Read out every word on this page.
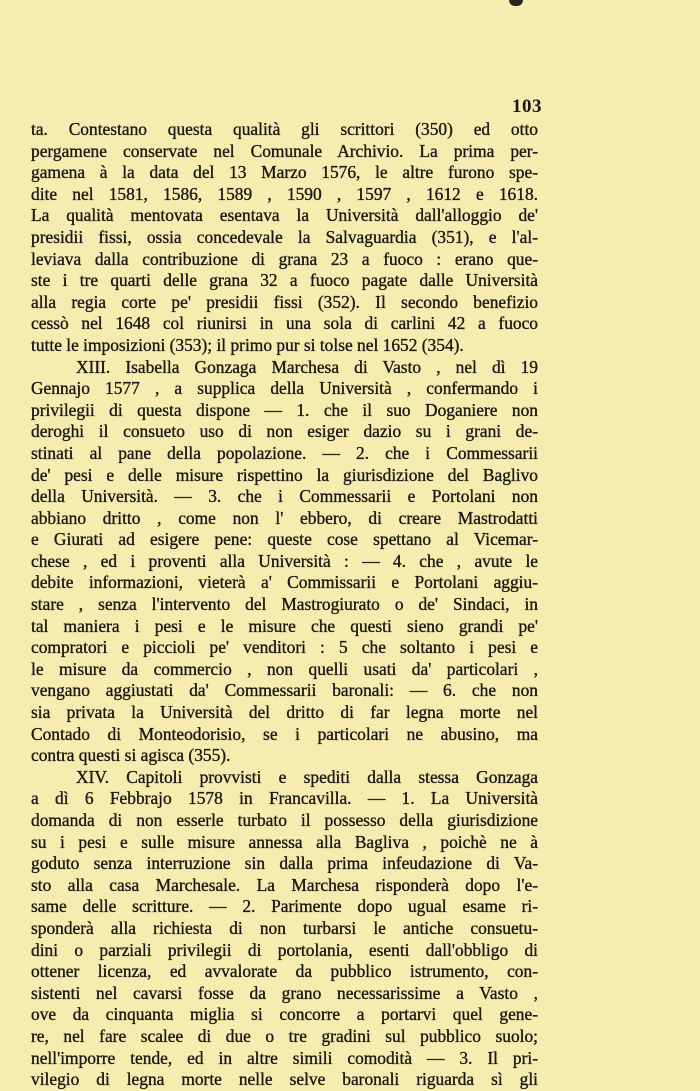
103
ta. Contestano questa qualità gli scrittori (350) ed otto
pergamene conservate nel Comunale Archivio. La prima per-
gamena à la data del 13 Marzo 1576, le altre furono spe-
dite nel 1581, 1586, 1589 , 1590 , 1597 , 1612 e 1618.
La qualità mentovata esentava la Università dall'alloggio de'
presidii fissi, ossia concedevale la Salvaguardia (351), e l'al-
leviava dalla contribuzione di grana 23 a fuoco : erano que-
ste i tre quarti delle grana 32 a fuoco pagate dalle Università
alla regia corte pe' presidii fissi (352). Il secondo benefizio
cessò nel 1648 col riunirsi in una sola di carlini 42 a fuoco
tutte le imposizioni (353); il primo pur si tolse nel 1652 (354).
XIII. Isabella Gonzaga Marchesa di Vasto , nel dì 19
Gennajo 1577 , a supplica della Università , confermando i
privilegii di questa dispone — 1. che il suo Doganiere non
deroghi il consueto uso di non esiger dazio su i grani de-
stinati al pane della popolazione. — 2. che i Commessarii
de' pesi e delle misure rispettino la giurisdizione del Baglivo
della Università. — 3. che i Commessarii e Portolani non
abbiano dritto , come non l' ebbero, di creare Mastrodatti
e Giurati ad esigere pene: queste cose spettano al Vicemar-
chese , ed i proventi alla Università : — 4. che , avute le
debite informazioni, vieterà a' Commissarii e Portolani aggiu-
stare , senza l'intervento del Mastrogiurato o de' Sindaci, in
tal maniera i pesi e le misure che questi sieno grandi pe'
compratori e piccioli pe' venditori : 5 che soltanto i pesi e
le misure da commercio , non quelli usati da' particolari ,
vengano aggiustati da' Commessarii baronali: — 6. che non
sia privata la Università del dritto di far legna morte nel
Contado di Monteodorisio, se i particolari ne abusino, ma
contra questi si agisca (355).
XIV. Capitoli provvisti e spediti dalla stessa Gonzaga
a dì 6 Febbrajo 1578 in Francavilla. — 1. La Università
domanda di non esserle turbato il possesso della giurisdizione
su i pesi e sulle misure annessa alla Bagliva , poichè ne à
goduto senza interruzione sin dalla prima infeudazione di Va-
sto alla casa Marchesale. La Marchesa risponderà dopo l'e-
same delle scritture. — 2. Parimente dopo ugual esame ri-
sponderà alla richiesta di non turbarsi le antiche consuetu-
dini o parziali privilegii di portolania, esenti dall'obbligo di
ottener licenza, ed avvalorate da pubblico istrumento, con-
sistenti nel cavarsi fosse da grano necessarissime a Vasto ,
ove da cinquanta miglia si concorre a portarvi quel gene-
re, nel fare scalee di due o tre gradini sul pubblico suolo;
nell'imporre tende, ed in altre simili comodità — 3. Il pri-
vilegio di legna morte nelle selve baronali riguarda sì gli
